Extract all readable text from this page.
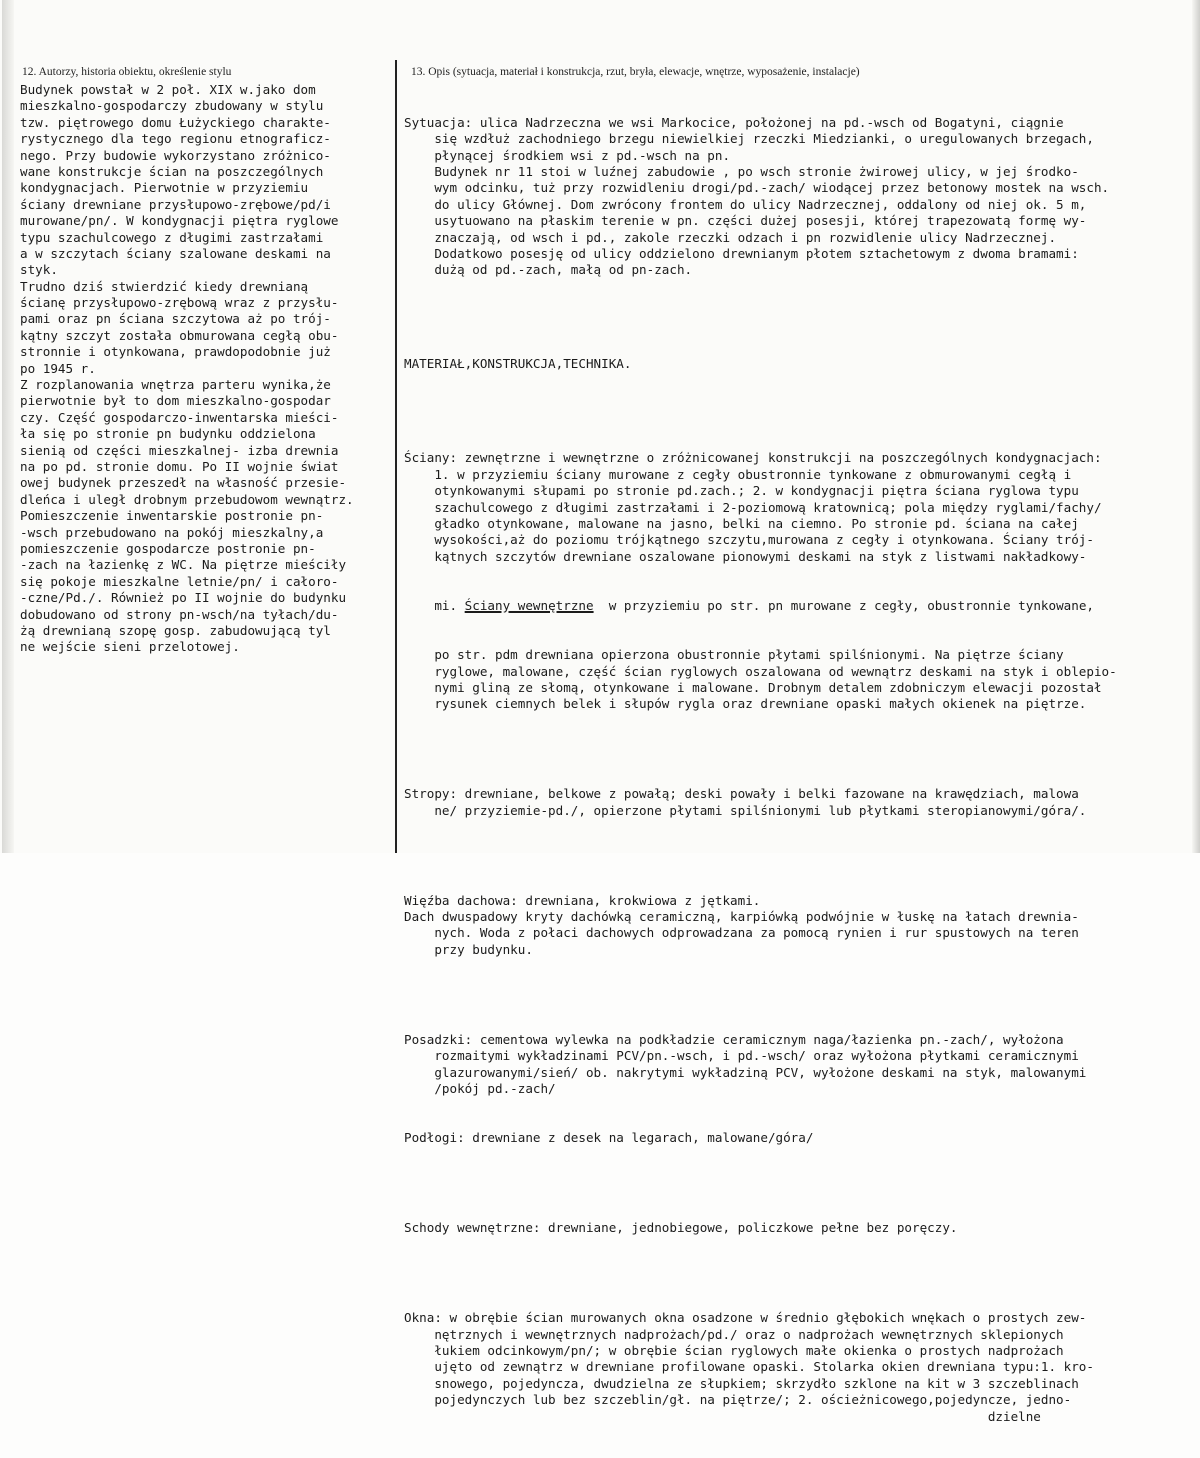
12. Autorzy, historia obiektu, określenie stylu	13. Opis (sytuacja, materiał i konstrukcja, rzut, bryła, elewacje, wnętrze, wyposażenie, instalacje)
Budynek powstał w 2 poł. XIX w.jako dom
mieszkalno-gospodarczy zbudowany w stylu
tzw. piętrowego domu Łużyckiego charakte-
rystycznego dla tego regionu etnograficz-
nego. Przy budowie wykorzystano zróżnico-
wane konstrukcje ścian na poszczególnych
kondygnacjach. Pierwotnie w przyziemiu
ściany drewniane przysłupowo-zrębowe/pd/i
murowane/pn/. W kondygnacji piętra ryglowe
typu szachulcowego z długimi zastrzałami
a w szczytach ściany szalowane deskami na
styk.
Trudno dziś stwierdzić kiedy drewnianą
ścianę przysłupowo-zrębową wraz z przysłu-
pami oraz pn ściana szczytowa aż po trój-
kątny szczyt została obmurowana cegłą obu-
stronnie i otynkowana, prawdopodobnie już
po 1945 r.
Z rozplanowania wnętrza parteru wynika,że
pierwotnie był to dom mieszkalno-gospodar
czy. Część gospodarczo-inwentarska mieści-
ła się po stronie pn budynku oddzielona
sienią od części mieszkalnej- izba drewnia
na po pd. stronie domu. Po II wojnie świat
owej budynek przeszedł na własność przesie-
dleńca i uległ drobnym przebudowom wewnątrz.
Pomieszczenie inwentarskie postronie pn-
-wsch przebudowano na pokój mieszkalny,a
pomieszczenie gospodarcze postronie pn-
-zach na łazienkę z WC. Na piętrze mieściły
się pokoje mieszkalne letnie/pn/ i całoro-
-czne/Pd./. Również po II wojnie do budynku
dobudowano od strony pn-wsch/na tyłach/du-
żą drewnianą szopę gosp. zabudowującą tyl
ne wejście sieni przelotowej.

Sytuacja: ulica Nadrzeczna we wsi Markocice, położonej na pd.-wsch od Bogatyni, ciągnie
się wzdłuż zachodniego brzegu niewielkiej rzeczki Miedzianki, o uregulowanych brzegach,
płynącej środkiem wsi z pd.-wsch na pn.
Budynek nr 11 stoi w luźnej zabudowie , po wsch stronie żwirowej ulicy, w jej środko-
wym odcinku, tuż przy rozwidleniu drogi/pd.-zach/ wiodącej przez betonowy mostek na wsch.
do ulicy Głównej. Dom zwrócony frontem do ulicy Nadrzecznej, oddalony od niej ok. 5 m,
usytuowano na płaskim terenie w pn. części dużej posesji, której trapezowatą formę wy-
znaczają, od wsch i pd., zakole rzeczki odzach i pn rozwidlenie ulicy Nadrzecznej.
Dodatkowo posesję od ulicy oddzielono drewnianym płotem sztachetowym z dwoma bramami:
dużą od pd.-zach, małą od pn-zach.

MATERIAŁ,KONSTRUKCJA,TECHNIKA.

Ściany: zewnętrzne i wewnętrzne o zróżnicowanej konstrukcji na poszczególnych kondygnacjach:
1. w przyziemiu ściany murowane z cegły obustronnie tynkowane z obmurowanymi cegłą i
otynkowanymi słupami po stronie pd.zach.; 2. w kondygnacji piętra ściana ryglowa typu
szachulcowego z długimi zastrzałami i 2-poziomową kratownicą; pola między ryglami/fachy/
gładko otynkowane, malowane na jasno, belki na ciemno. Po stronie pd. ściana na całej
wysokości,aż do poziomu trójkątnego szczytu,murowana z cegły i otynkowana. Ściany trój-
kątnych szczytów drewniane oszalowane pionowymi deskami na styk z listwami nakładkowy-

mi. Ściany wewnętrzne  w przyziemiu po str. pn murowane z cegły, obustronnie tynkowane,

po str. pdm drewniana opierzona obustronnie płytami spilśnionymi. Na piętrze ściany
ryglowe, malowane, część ścian ryglowych oszalowana od wewnątrz deskami na styk i oblepio-
nymi gliną ze słomą, otynkowane i malowane. Drobnym detalem zdobniczym elewacji pozostał
rysunek ciemnych belek i słupów rygla oraz drewniane opaski małych okienek na piętrze.

Stropy: drewniane, belkowe z powałą; deski powały i belki fazowane na krawędziach, malowa
ne/ przyziemie-pd./, opierzone płytami spilśnionymi lub płytkami steropianowymi/góra/.

Więźba dachowa: drewniana, krokwiowa z jętkami.
Dach dwuspadowy kryty dachówką ceramiczną, karpiówką podwójnie w łuskę na łatach drewnia-
nych. Woda z połaci dachowych odprowadzana za pomocą rynien i rur spustowych na teren
przy budynku.

Posadzki: cementowa wylewka na podkładzie ceramicznym naga/łazienka pn.-zach/, wyłożona
rozmaitymi wykładzinami PCV/pn.-wsch, i pd.-wsch/ oraz wyłożona płytkami ceramicznymi
glazurowanymi/sień/ ob. nakrytymi wykładziną PCV, wyłożone deskami na styk, malowanymi
/pokój pd.-zach/

Podłogi: drewniane z desek na legarach, malowane/góra/

Schody wewnętrzne: drewniane, jednobiegowe, policzkowe pełne bez poręczy.

Okna: w obrębie ścian murowanych okna osadzone w średnio głębokich wnękach o prostych zew-
nętrznych i wewnętrznych nadprożach/pd./ oraz o nadprożach wewnętrznych sklepionych
łukiem odcinkowym/pn/; w obrębie ścian ryglowych małe okienka o prostych nadprożach
ujęto od zewnątrz w drewniane profilowane opaski. Stolarka okien drewniana typu:1. kro-
snowego, pojedyncza, dwudzielna ze słupkiem; skrzydło szklone na kit w 3 szczeblinach
pojedynczych lub bez szczeblin/gł. na piętrze/; 2. ościeżnicowego,pojedyncze, jedno-
dzielne
